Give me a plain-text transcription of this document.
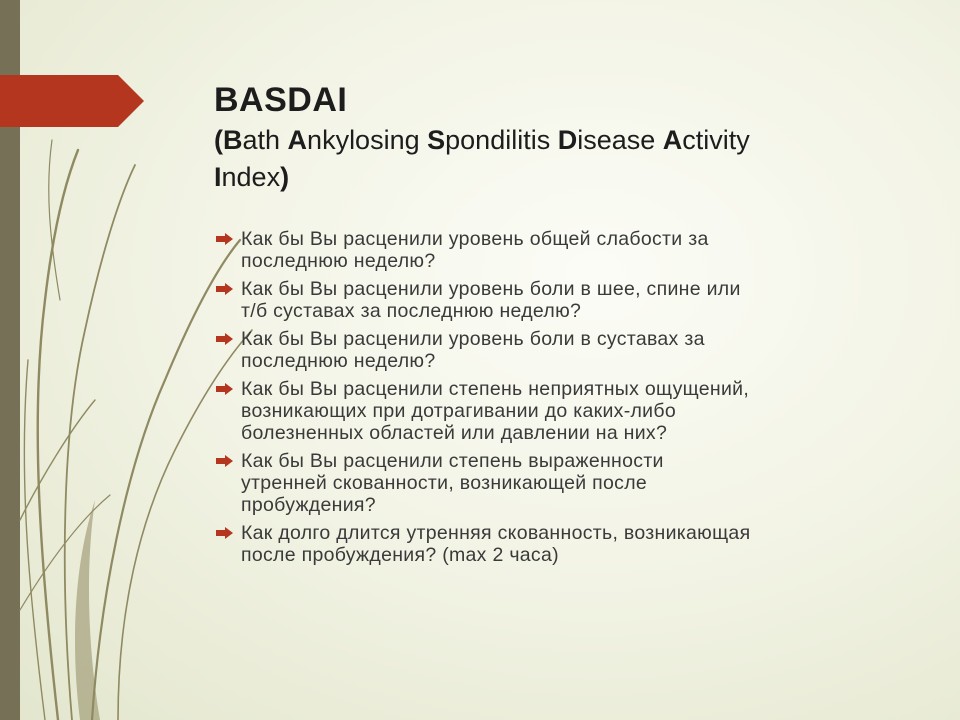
BASDAI
(Bath Ankylosing Spondilitis Disease Activity
Index)
Как бы Вы расценили уровень общей слабости за
последнюю неделю?
Как бы Вы расценили уровень боли в шее, спине или
т/б суставах за последнюю неделю?
Как бы Вы расценили уровень боли в суставах за
последнюю неделю?
Как бы Вы расценили степень неприятных ощущений,
возникающих при дотрагивании до каких-либо
болезненных областей или давлении на них?
Как бы Вы расценили степень выраженности
утренней скованности, возникающей после
пробуждения?
Как долго длится утренняя скованность, возникающая
после пробуждения? (max 2 часа)
